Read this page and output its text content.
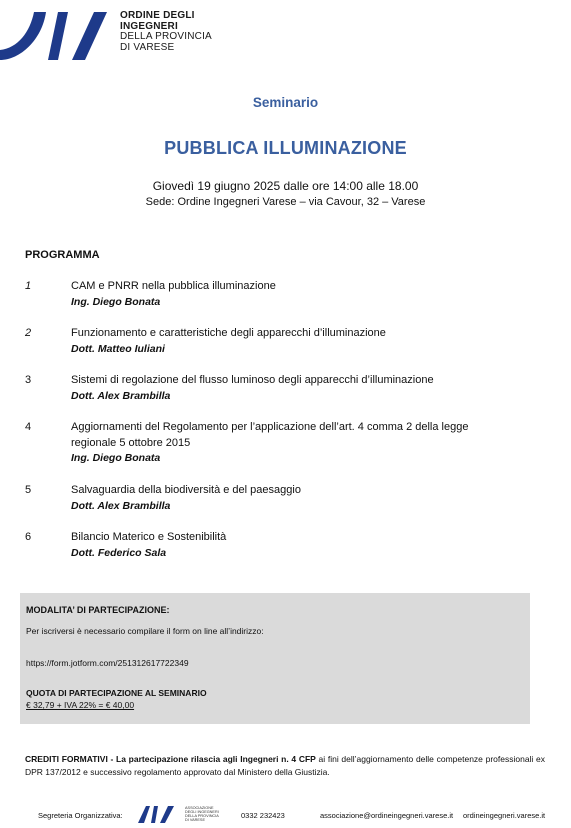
ORDINE DEGLI
INGEGNERI
DELLA PROVINCIA
DI VARESE
Seminario
PUBBLICA ILLUMINAZIONE
Giovedì 19 giugno 2025 dalle ore 14:00 alle 18.00
Sede: Ordine Ingegneri Varese – via Cavour, 32 – Varese
PROGRAMMA
1	CAM e PNRR nella pubblica illuminazione
Ing. Diego Bonata
2	Funzionamento e caratteristiche degli apparecchi d’illuminazione
Dott. Matteo Iuliani
3	Sistemi di regolazione del flusso luminoso degli apparecchi d’illuminazione
Dott. Alex Brambilla
4	Aggiornamenti del Regolamento per l’applicazione dell’art. 4 comma 2 della legge regionale 5 ottobre 2015
Ing. Diego Bonata
5	Salvaguardia della biodiversità e del paesaggio
Dott. Alex Brambilla
6	Bilancio Materico e Sostenibilità
Dott. Federico Sala
MODALITA’ DI PARTECIPAZIONE:
Per iscriversi è necessario compilare il form on line all’indirizzo:
https://form.jotform.com/251312617722349
QUOTA DI PARTECIPAZIONE AL SEMINARIO
€ 32,79 + IVA 22% = € 40,00
CREDITI FORMATIVI - La partecipazione rilascia agli Ingegneri n. 4 CFP ai fini dell’aggiornamento delle competenze professionali ex DPR 137/2012 e successivo regolamento approvato dal Ministero della Giustizia.
Segreteria Organizzativa:
ASSOCIAZIONE
DEGLI INGEGNERI
DELLA PROVINCIA
DI VARESE
0332 232423	associazione@ordineingegneri.varese.it ordineingegneri.varese.it
